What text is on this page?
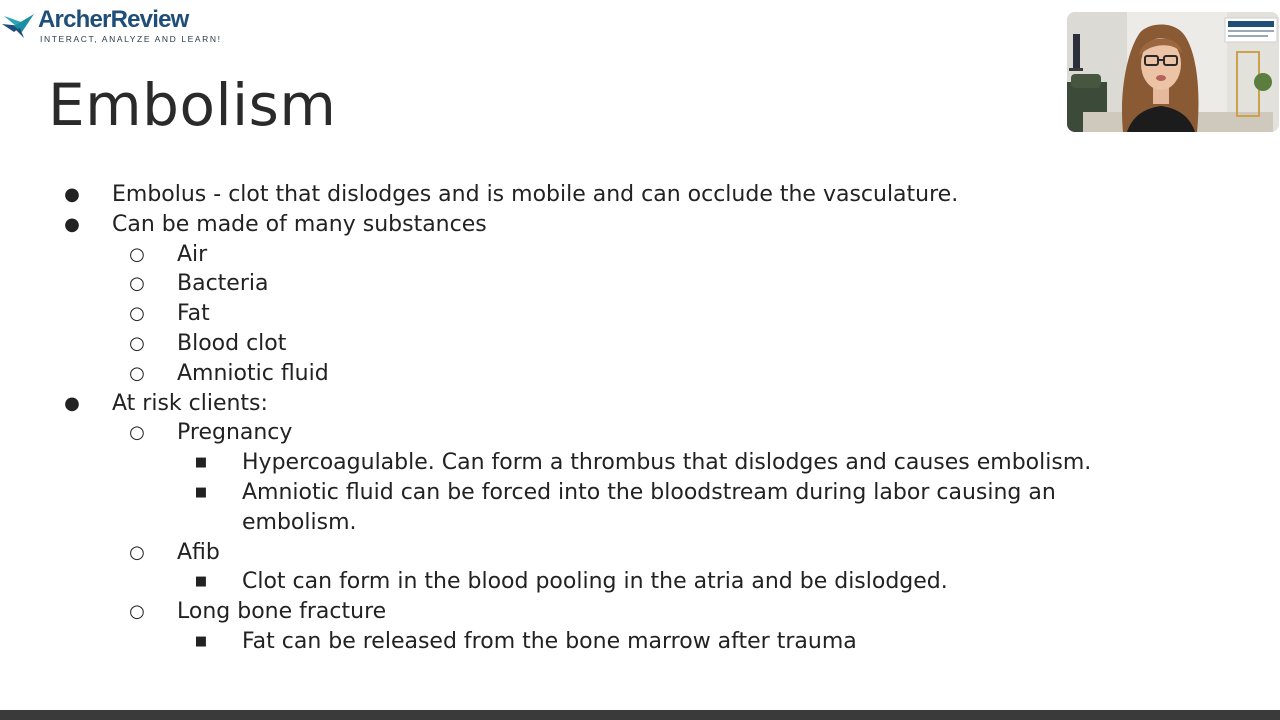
ArcherReview
INTERACT, ANALYZE AND LEARN!
Embolism
● Embolus - clot that dislodges and is mobile and can occlude the vasculature.
● Can be made of many substances
○ Air
○ Bacteria
○ Fat
○ Blood clot
○ Amniotic fluid
● At risk clients:
○ Pregnancy
■ Hypercoagulable. Can form a thrombus that dislodges and causes embolism.
■ Amniotic fluid can be forced into the bloodstream during labor causing an
embolism.
○ Afib
■ Clot can form in the blood pooling in the atria and be dislodged.
○ Long bone fracture
■ Fat can be released from the bone marrow after trauma
